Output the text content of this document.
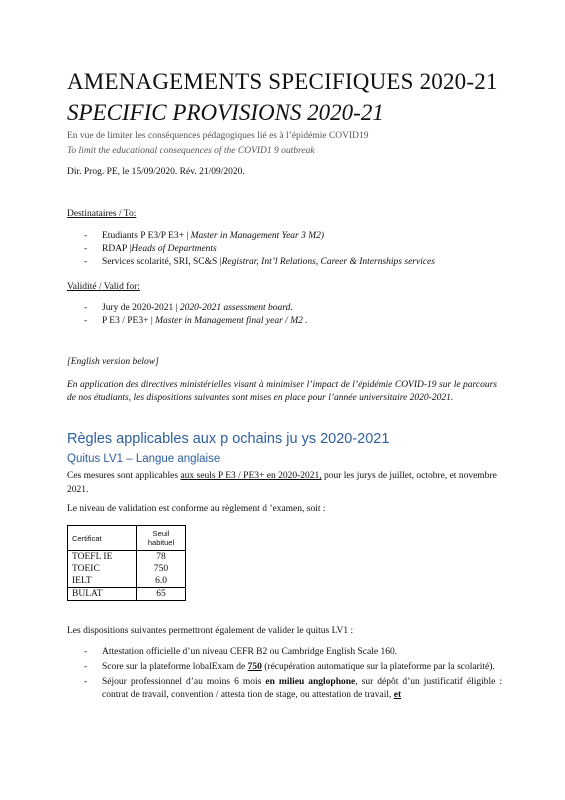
AMENAGEMENTS SPECIFIQUES 2020-21
SPECIFIC PROVISIONS 2020-21
En vue de limiter les conséquences pédagogiques lié es à l’épidémie COVID19
To limit the educational consequences of the COVID1 9 outbreak
Dir. Prog. PE, le 15/09/2020. Rév. 21/09/2020.
Destinataires / To:
- Etudiants P E3/P E3+ | Master in Management Year 3 M2)
- RDAP |Heads of Departments
- Services scolarité, SRI, SC&S |Registrar, Int’l Relations, Career & Internships services
Validité / Valid for:
- Jury de 2020-2021 | 2020-2021 assessment board.
- P E3 / PE3+ | Master in Management final year / M2 .
[English version below]
En application des directives ministérielles visant à minimiser l’impact de l’épidémie COVID-19 sur le parcours de nos étudiants, les dispositions suivantes sont mises en place pour l’année universitaire 2020-2021.
Règles applicables aux p ochains ju ys 2020-2021
Quitus LV1 – Langue anglaise
Ces mesures sont applicables aux seuls P E3 / PE3+ en 2020-2021, pour les jurys de juillet, octobre, et novembre 2021.
Le niveau de validation est conforme au règlement d ’examen, soit :
Certificat	Seuil habituel
TOEFL IE	78
TOEIC	750
IELT	6.0
BULAT	65
Les dispositions suivantes permettront également de valider le quitus LV1 :
- Attestation officielle d’un niveau CEFR B2 ou Cambridge English Scale 160.
- Score sur la plateforme lobalExam de 750 (récupération automatique sur la plateforme par la scolarité).
- Séjour professionnel d’au moins 6 mois en milieu anglophone, sur dépôt d’un justificatif éligible : contrat de travail, convention / attesta tion de stage, ou attestation de travail, et
